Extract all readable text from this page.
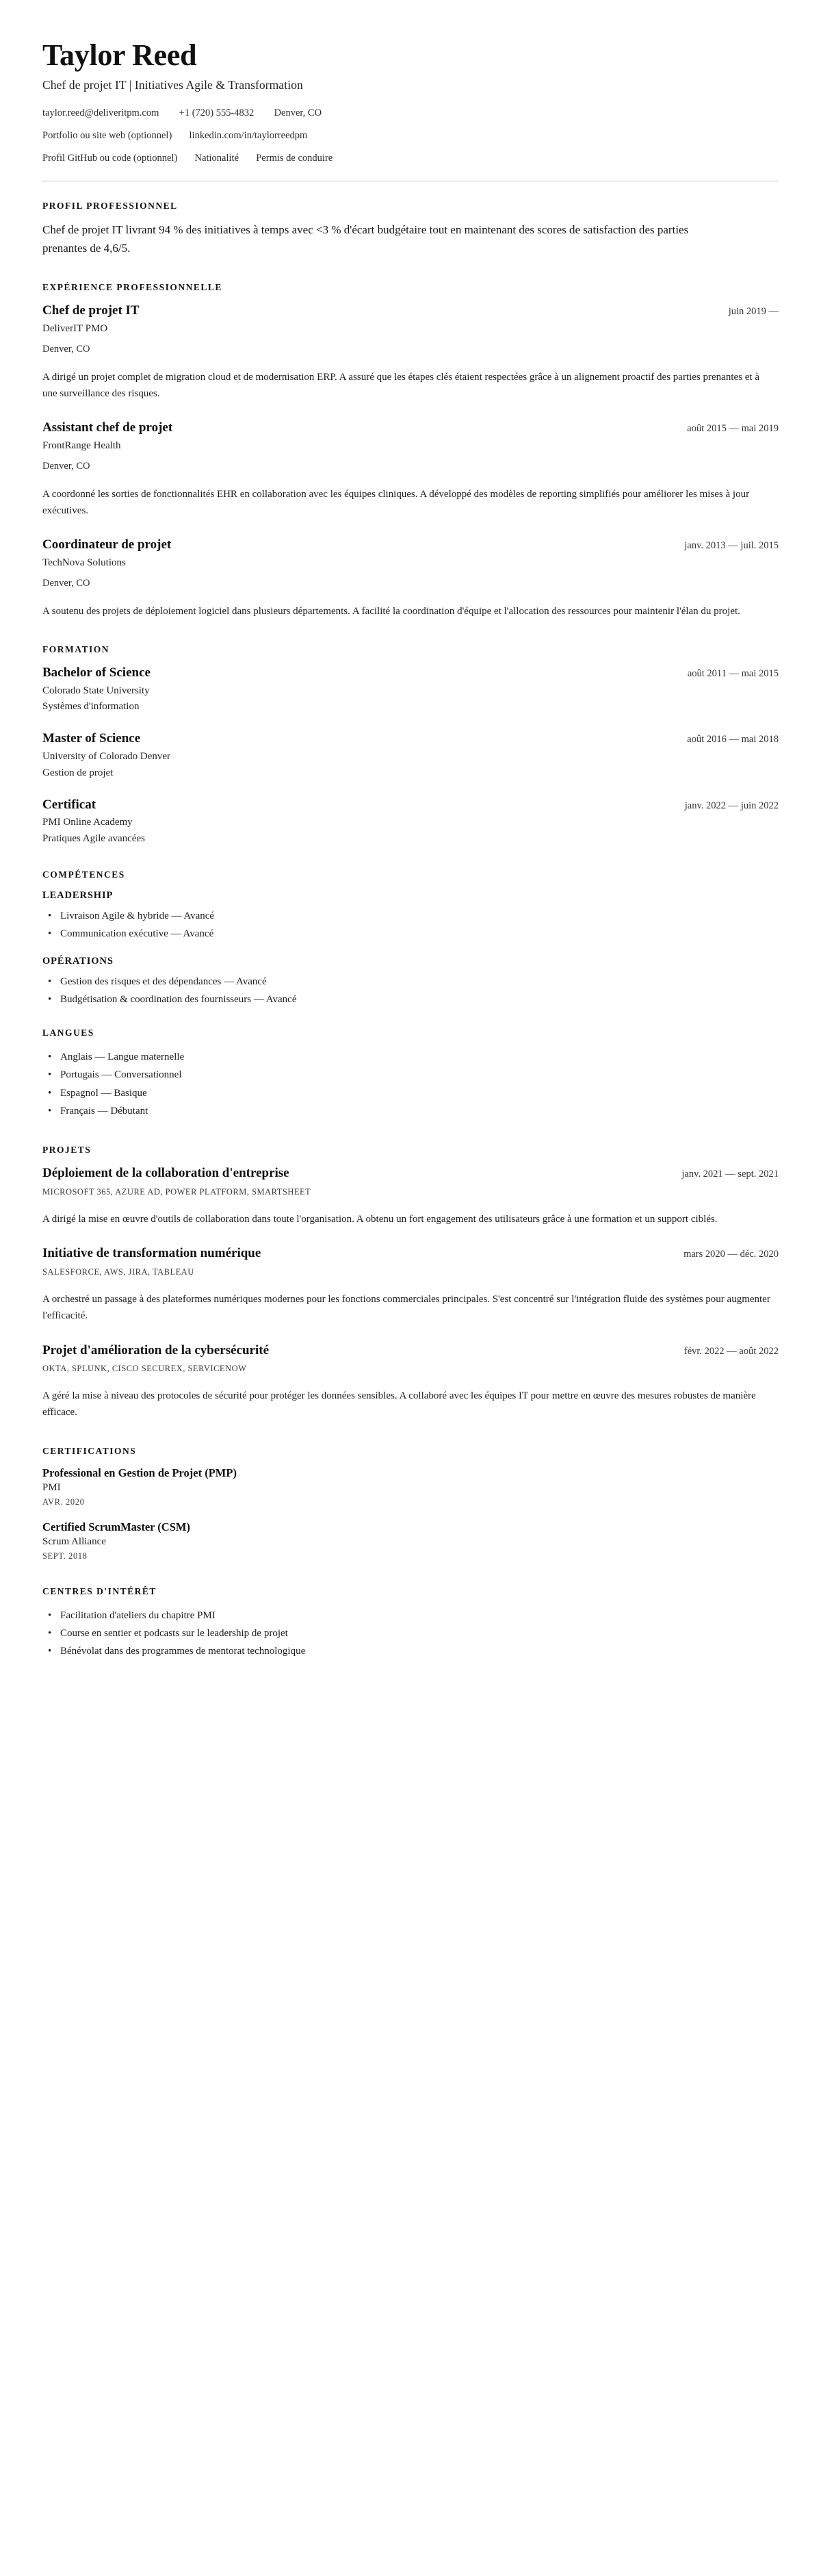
Taylor Reed
Chef de projet IT | Initiatives Agile & Transformation
taylor.reed@deliveritpm.com +1 (720) 555-4832 Denver, CO
Portfolio ou site web (optionnel) linkedin.com/in/taylorreedpm
Profil GitHub ou code (optionnel) Nationalité Permis de conduire
PROFIL PROFESSIONNEL

Chef de projet IT livrant 94 % des initiatives à temps avec <3 % d'écart budgétaire tout en maintenant des scores de satisfaction des parties prenantes de 4,6/5.

EXPÉRIENCE PROFESSIONNELLE
Chef de projet IT	juin 2019 —
DeliverIT PMO
Denver, CO
A dirigé un projet complet de migration cloud et de modernisation ERP. A assuré que les étapes clés étaient respectées grâce à un alignement proactif des parties prenantes et à une surveillance des risques.
Assistant chef de projet	août 2015 — mai 2019
FrontRange Health
Denver, CO
A coordonné les sorties de fonctionnalités EHR en collaboration avec les équipes cliniques. A développé des modèles de reporting simplifiés pour améliorer les mises à jour exécutives.
Coordinateur de projet	janv. 2013 — juil. 2015
TechNova Solutions
Denver, CO
A soutenu des projets de déploiement logiciel dans plusieurs départements. A facilité la coordination d'équipe et l'allocation des ressources pour maintenir l'élan du projet.
FORMATION
Bachelor of Science	août 2011 — mai 2015
Colorado State University
Systèmes d'information
Master of Science	août 2016 — mai 2018
University of Colorado Denver
Gestion de projet
Certificat	janv. 2022 — juin 2022
PMI Online Academy
Pratiques Agile avancées
COMPÉTENCES
LEADERSHIP
• Livraison Agile & hybride — Avancé
• Communication exécutive — Avancé
OPÉRATIONS
• Gestion des risques et des dépendances — Avancé
• Budgétisation & coordination des fournisseurs — Avancé
LANGUES
• Anglais — Langue maternelle
• Portugais — Conversationnel
• Espagnol — Basique
• Français — Débutant
PROJETS
Déploiement de la collaboration d'entreprise	janv. 2021 — sept. 2021
MICROSOFT 365, AZURE AD, POWER PLATFORM, SMARTSHEET
A dirigé la mise en œuvre d'outils de collaboration dans toute l'organisation. A obtenu un fort engagement des utilisateurs grâce à une formation et un support ciblés.
Initiative de transformation numérique	mars 2020 — déc. 2020
SALESFORCE, AWS, JIRA, TABLEAU
A orchestré un passage à des plateformes numériques modernes pour les fonctions commerciales principales. S'est concentré sur l'intégration fluide des systèmes pour augmenter l'efficacité.
Projet d'amélioration de la cybersécurité	févr. 2022 — août 2022
OKTA, SPLUNK, CISCO SECUREX, SERVICENOW
A géré la mise à niveau des protocoles de sécurité pour protéger les données sensibles. A collaboré avec les équipes IT pour mettre en œuvre des mesures robustes de manière efficace.
CERTIFICATIONS
Professional en Gestion de Projet (PMP)
PMI
AVR. 2020
Certified ScrumMaster (CSM)
Scrum Alliance
SEPT. 2018
CENTRES D'INTÉRÊT
• Facilitation d'ateliers du chapitre PMI
• Course en sentier et podcasts sur le leadership de projet
• Bénévolat dans des programmes de mentorat technologique
